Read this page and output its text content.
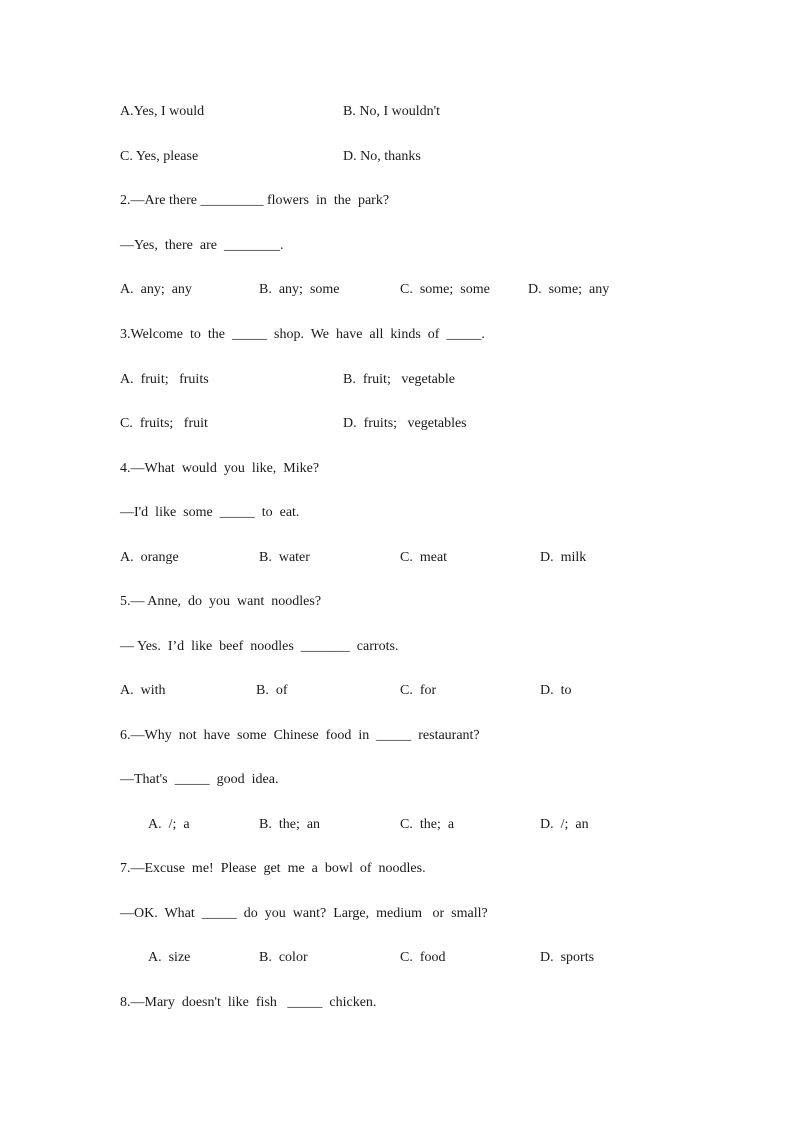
A.Yes, I would	B. No, I wouldn't
C. Yes, please	D. No, thanks
2.—Are there _________ flowers  in  the  park?
—Yes,  there  are  ________.
A.  any;  any	B.  any;  some	C.  some;  some	D.  some;  any
3.Welcome  to  the  _____  shop.  We  have  all  kinds  of  _____.
A.  fruit;   fruits	B.  fruit;   vegetable
C.  fruits;   fruit	D.  fruits;   vegetables
4.—What  would  you  like,  Mike?
—I'd  like  some  _____  to  eat.
A.  orange	B.  water	C.  meat	D.  milk
5.— Anne,  do  you  want  noodles?
— Yes.  I’d  like  beef  noodles  _______  carrots.
A.  with	B.  of	C.  for	D.  to
6.—Why  not  have  some  Chinese  food  in  _____  restaurant?
—That's  _____  good  idea.
A.  /;  a	B.  the;  an	C.  the;  a	D.  /;  an
7.—Excuse  me!  Please  get  me  a  bowl  of  noodles.
—OK.  What  _____  do  you  want?  Large,  medium   or  small?
A.  size	B.  color	C.  food	D.  sports
8.—Mary  doesn't  like  fish   _____  chicken.
